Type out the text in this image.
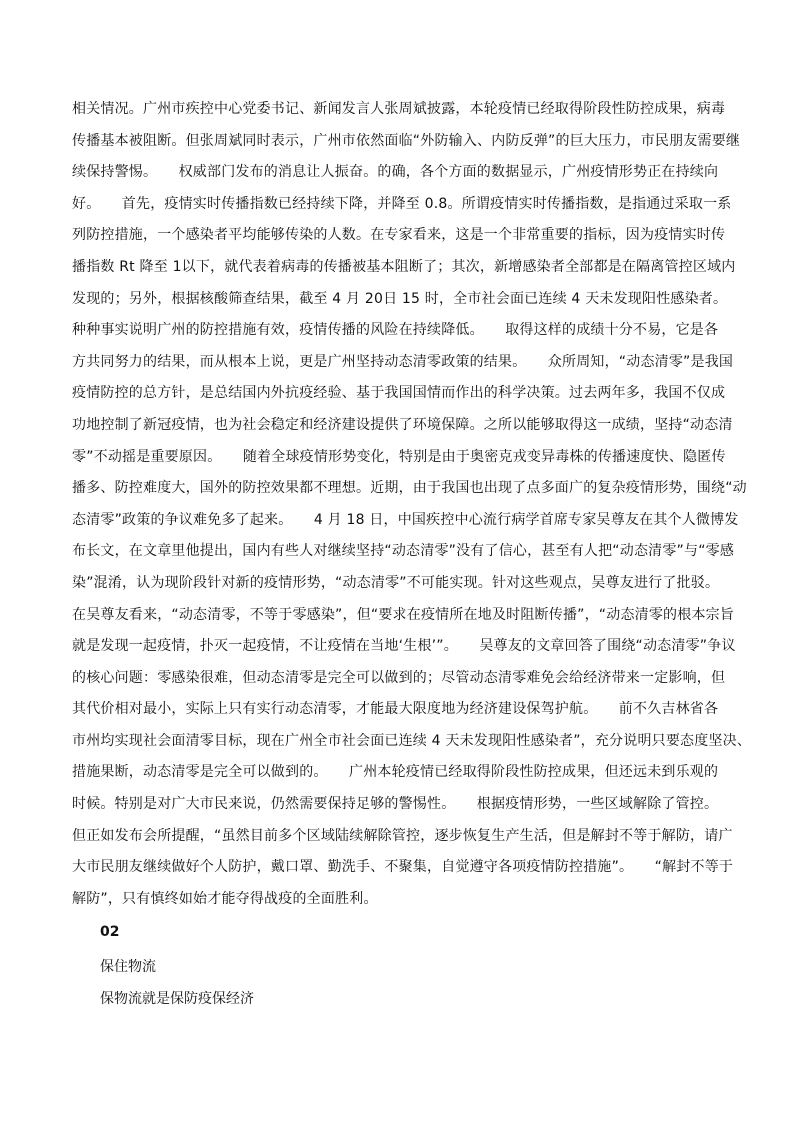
相关情况。广州市疾控中心党委书记、新闻发言人张周斌披露，本轮疫情已经取得阶段性防控成果，病毒
传播基本被阻断。但张周斌同时表示，广州市依然面临“外防输入、内防反弹”的巨大压力，市民朋友需要继
续保持警惕。　　权威部门发布的消息让人振奋。的确，各个方面的数据显示，广州疫情形势正在持续向
好。　　首先，疫情实时传播指数已经持续下降，并降至 0.8。所谓疫情实时传播指数，是指通过采取一系
列防控措施，一个感染者平均能够传染的人数。在专家看来，这是一个非常重要的指标，因为疫情实时传
播指数 Rt 降至 1以下，就代表着病毒的传播被基本阻断了；其次，新增感染者全部都是在隔离管控区域内
发现的；另外，根据核酸筛查结果，截至 4 月 20日 15 时，全市社会面已连续 4 天未发现阳性感染者。
种种事实说明广州的防控措施有效，疫情传播的风险在持续降低。　　取得这样的成绩十分不易，它是各
方共同努力的结果，而从根本上说，更是广州坚持动态清零政策的结果。　　众所周知，“动态清零”是我国
疫情防控的总方针，是总结国内外抗疫经验、基于我国国情而作出的科学决策。过去两年多，我国不仅成
功地控制了新冠疫情，也为社会稳定和经济建设提供了环境保障。之所以能够取得这一成绩，坚持“动态清
零”不动摇是重要原因。　　随着全球疫情形势变化，特别是由于奥密克戎变异毒株的传播速度快、隐匿传
播多、防控难度大，国外的防控效果都不理想。近期，由于我国也出现了点多面广的复杂疫情形势，围绕“动
态清零”政策的争议难免多了起来。　　4 月 18 日，中国疾控中心流行病学首席专家吴尊友在其个人微博发
布长文，在文章里他提出，国内有些人对继续坚持“动态清零”没有了信心，甚至有人把“动态清零”与“零感
染”混淆，认为现阶段针对新的疫情形势，“动态清零”不可能实现。针对这些观点，吴尊友进行了批驳。
在吴尊友看来，“动态清零，不等于零感染”，但“要求在疫情所在地及时阻断传播”，“动态清零的根本宗旨
就是发现一起疫情，扑灭一起疫情，不让疫情在当地‘生根’”。　　吴尊友的文章回答了围绕“动态清零”争议
的核心问题：零感染很难，但动态清零是完全可以做到的；尽管动态清零难免会给经济带来一定影响，但
其代价相对最小，实际上只有实行动态清零，才能最大限度地为经济建设保驾护航。　　前不久吉林省各
市州均实现社会面清零目标，现在广州全市社会面已连续 4 天未发现阳性感染者”，充分说明只要态度坚决、
措施果断，动态清零是完全可以做到的。　　广州本轮疫情已经取得阶段性防控成果，但还远未到乐观的
时候。特别是对广大市民来说，仍然需要保持足够的警惕性。　　根据疫情形势，一些区域解除了管控。
但正如发布会所提醒，“虽然目前多个区域陆续解除管控，逐步恢复生产生活，但是解封不等于解防，请广
大市民朋友继续做好个人防护，戴口罩、勤洗手、不聚集，自觉遵守各项疫情防控措施”。　　“解封不等于
解防”，只有慎终如始才能夺得战疫的全面胜利。

02

保住物流

保物流就是保防疫保经济
